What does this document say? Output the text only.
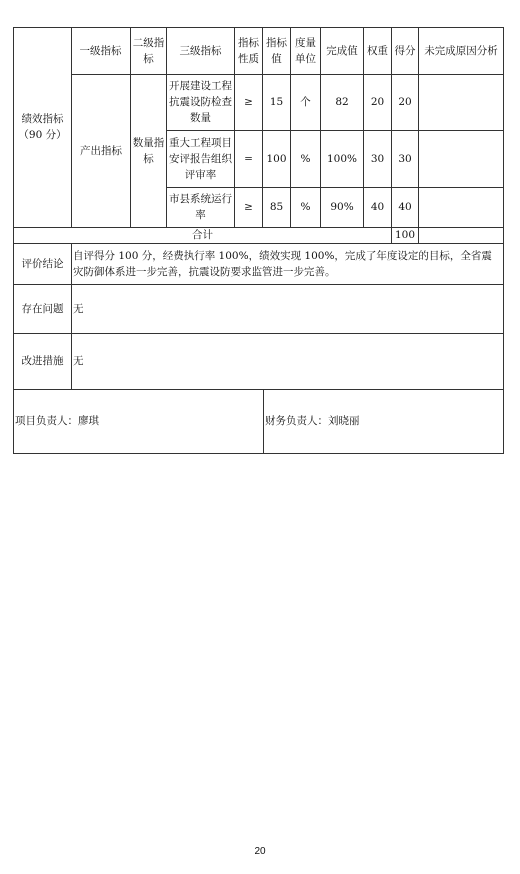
一级指标
二级指标
三级指标
指标性质
指标值
度量单位
完成值 权重 得分 未完成原因分析
绩效指标
（90 分）
产出指标
数量指标
开展建设工程抗震设防检查数量
≥ 15 个 82 20 20
重大工程项目安评报告组织评审率
= 100 % 100% 30 30
市县系统运行率
≥ 85 % 90% 40 40
合计	100
评价结论
自评得分 100 分，经费执行率 100%，绩效实现 100%，完成了年度设定的目标，全省震灾防御体系进一步完善，抗震设防要求监管进一步完善。
存在问题 无
改进措施 无
项目负责人：廖琪	财务负责人：刘晓丽
20
